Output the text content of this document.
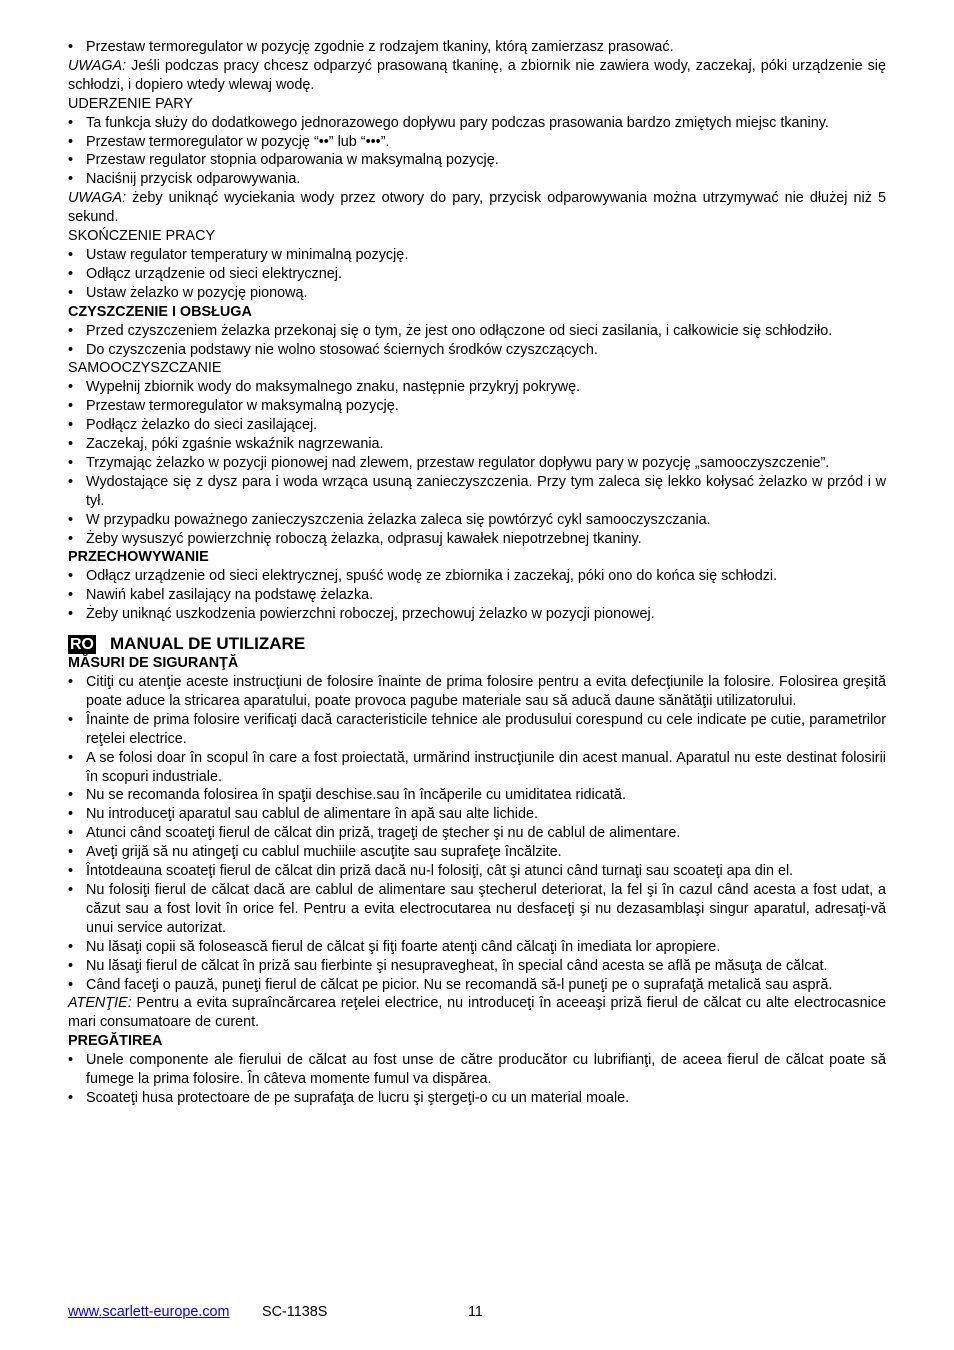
• Przestaw termoregulator w pozycję zgodnie z rodzajem tkaniny, którą zamierzasz prasować.

UWAGA: Jeśli podczas pracy chcesz odparzyć prasowaną tkaninę, a zbiornik nie zawiera wody, zaczekaj, póki urządzenie się schłodzi, i dopiero wtedy wlewaj wodę.

UDERZENIE PARY

• Ta funkcja służy do dodatkowego jednorazowego dopływu pary podczas prasowania bardzo zmiętych miejsc tkaniny.
• Przestaw termoregulator w pozycję “••” lub “•••”.
• Przestaw regulator stopnia odparowania w maksymalną pozycję.
• Naciśnij przycisk odparowywania.

UWAGA: żeby uniknąć wyciekania wody przez otwory do pary, przycisk odparowywania można utrzymywać nie dłużej niż 5 sekund.

SKOŃCZENIE PRACY

• Ustaw regulator temperatury w minimalną pozycję.
• Odłącz urządzenie od sieci elektrycznej.
• Ustaw żelazko w pozycję pionową.

CZYSZCZENIE I OBSŁUGA

• Przed czyszczeniem żelazka przekonaj się o tym, że jest ono odłączone od sieci zasilania, i całkowicie się schłodziło.
• Do czyszczenia podstawy nie wolno stosować ściernych środków czyszczących.

SAMOOCZYSZCZANIE

• Wypełnij zbiornik wody do maksymalnego znaku, następnie przykryj pokrywę.
• Przestaw termoregulator w maksymalną pozycję.
• Podłącz żelazko do sieci zasilającej.
• Zaczekaj, póki zgaśnie wskaźnik nagrzewania.
• Trzymając żelazko w pozycji pionowej nad zlewem, przestaw regulator dopływu pary w pozycję „samooczyszczenie”.
• Wydostające się z dysz para i woda wrząca usuną zanieczyszczenia. Przy tym zaleca się lekko kołysać żelazko w przód i w tył.
• W przypadku poważnego zanieczyszczenia żelazka zaleca się powtórzyć cykl samooczyszczania.
• Żeby wysuszyć powierzchnię roboczą żelazka, odprasuj kawałek niepotrzebnej tkaniny.

PRZECHOWYWANIE

• Odłącz urządzenie od sieci elektrycznej, spuść wodę ze zbiornika i zaczekaj, póki ono do końca się schłodzi.
• Nawiń kabel zasilający na podstawę żelazka.
• Żeby uniknąć uszkodzenia powierzchni roboczej, przechowuj żelazko w pozycji pionowej.
RO MANUAL DE UTILIZARE

MĂSURI DE SIGURANŢĂ

• Citiţi cu atenţie aceste instrucţiuni de folosire înainte de prima folosire pentru a evita defecţiunile la folosire. Folosirea greşită poate aduce la stricarea aparatului, poate provoca pagube materiale sau să aducă daune sănătăţii utilizatorului.
• Înainte de prima folosire verificaţi dacă caracteristicile tehnice ale produsului corespund cu cele indicate pe cutie, parametrilor reţelei electrice.
• A se folosi doar în scopul în care a fost proiectată, urmărind instrucţiunile din acest manual. Aparatul nu este destinat folosirii în scopuri industriale.
• Nu se recomanda folosirea în spaţii deschise.sau în încăperile cu umiditatea ridicată.
• Nu introduceţi aparatul sau cablul de alimentare în apă sau alte lichide.
• Atunci când scoateţi fierul de călcat din priză, trageţi de ştecher şi nu de cablul de alimentare.
• Aveţi grijă să nu atingeţi cu cablul muchiile ascuţite sau suprafeţe încălzite.
• Întotdeauna scoateţi fierul de călcat din priză dacă nu-l folosiţi, cât şi atunci când turnaţi sau scoateţi apa din el.
• Nu folosiţi fierul de călcat dacă are cablul de alimentare sau ştecherul deteriorat, la fel şi în cazul când acesta a fost udat, a căzut sau a fost lovit în orice fel. Pentru a evita electrocutarea nu desfaceţi şi nu dezasamblaşi singur aparatul, adresaţi-vă unui service autorizat.
• Nu lăsaţi copii să folosească fierul de călcat şi fiţi foarte atenţi când călcaţi în imediata lor apropiere.
• Nu lăsaţi fierul de călcat în priză sau fierbinte şi nesupravegheat, în special când acesta se află pe măsuţa de călcat.
• Când faceţi o pauză, puneţi fierul de călcat pe picior. Nu se recomandă să-l puneţi pe o suprafaţă metalică sau aspră.

ATENŢIE: Pentru a evita supraîncărcarea reţelei electrice, nu introduceţi în aceeaşi priză fierul de călcat cu alte electrocasnice mari consumatoare de curent.

PREGĂTIREA

• Unele componente ale fierului de călcat au fost unse de către producător cu lubrifianţi, de aceea fierul de călcat poate să fumege la prima folosire. În câteva momente fumul va dispărea.
• Scoateţi husa protectoare de pe suprafaţa de lucru şi ştergeţi-o cu un material moale.
www.scarlett-europe.com SC-1138S	11
